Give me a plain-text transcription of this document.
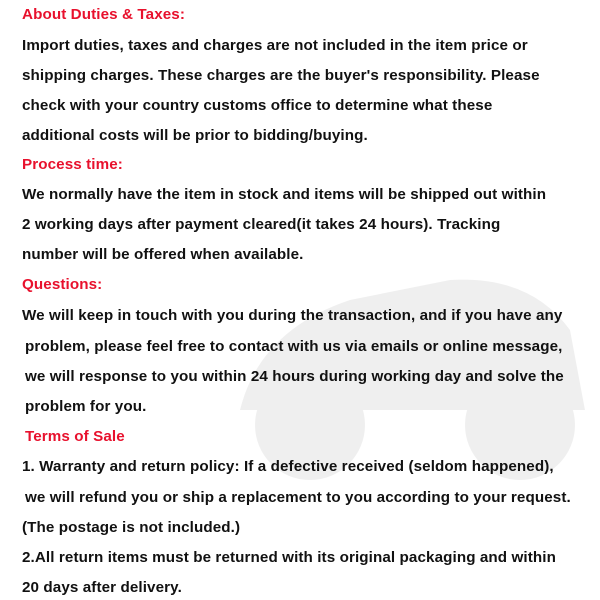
About Duties & Taxes:
Import duties, taxes and charges are not included in the item price or
shipping charges. These charges are the buyer's responsibility. Please
check with your country customs office to determine what these
additional costs will be prior to bidding/buying.
Process time:
We normally have the item in stock and items will be shipped out within
2 working days after payment cleared(it takes 24 hours). Tracking
number will be offered when available.
Questions:
We will keep in touch with you during the transaction, and if you have any
problem, please feel free to contact with us via emails or online message,
we will response to you within 24 hours during working day and solve the
problem for you.
Terms of Sale
1. Warranty and return policy: If a defective received (seldom happened),
we will refund you or ship a replacement to you according to your request.
(The postage is not included.)
2.All return items must be returned with its original packaging and within
20 days after delivery.
